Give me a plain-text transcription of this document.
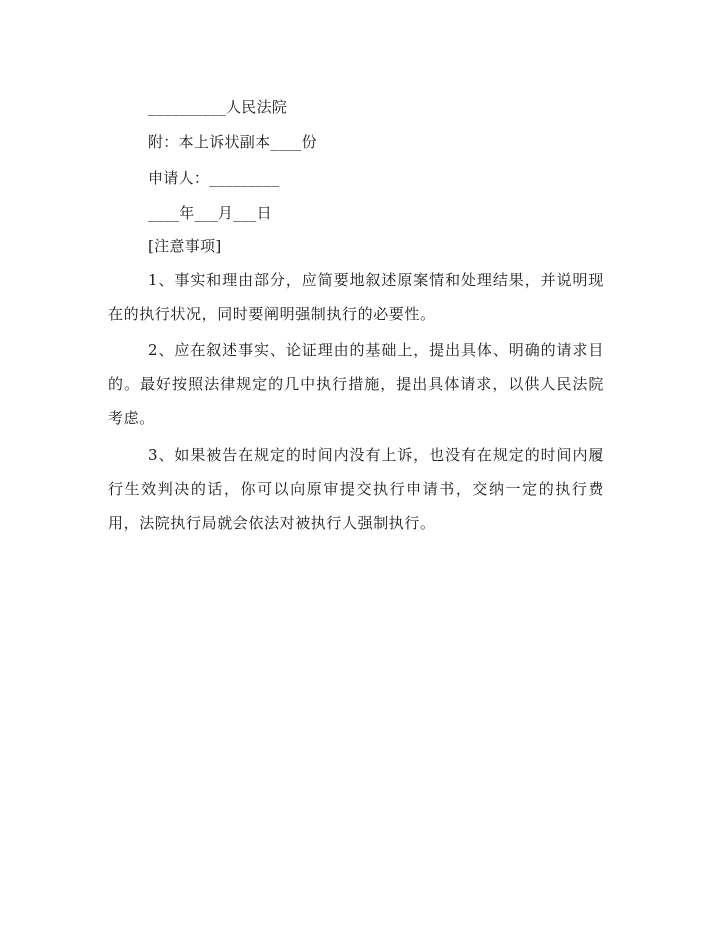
__________人民法院
附：本上诉状副本____份
申请人：_________
____年___月___日
[注意事项]

1、事实和理由部分，应简要地叙述原案情和处理结果，并说明现在的执行状况，同时要阐明强制执行的必要性。

2、应在叙述事实、论证理由的基础上，提出具体、明确的请求目的。最好按照法律规定的几中执行措施，提出具体请求，以供人民法院考虑。

3、如果被告在规定的时间内没有上诉，也没有在规定的时间内履行生效判决的话，你可以向原审提交执行申请书，交纳一定的执行费用，法院执行局就会依法对被执行人强制执行。
